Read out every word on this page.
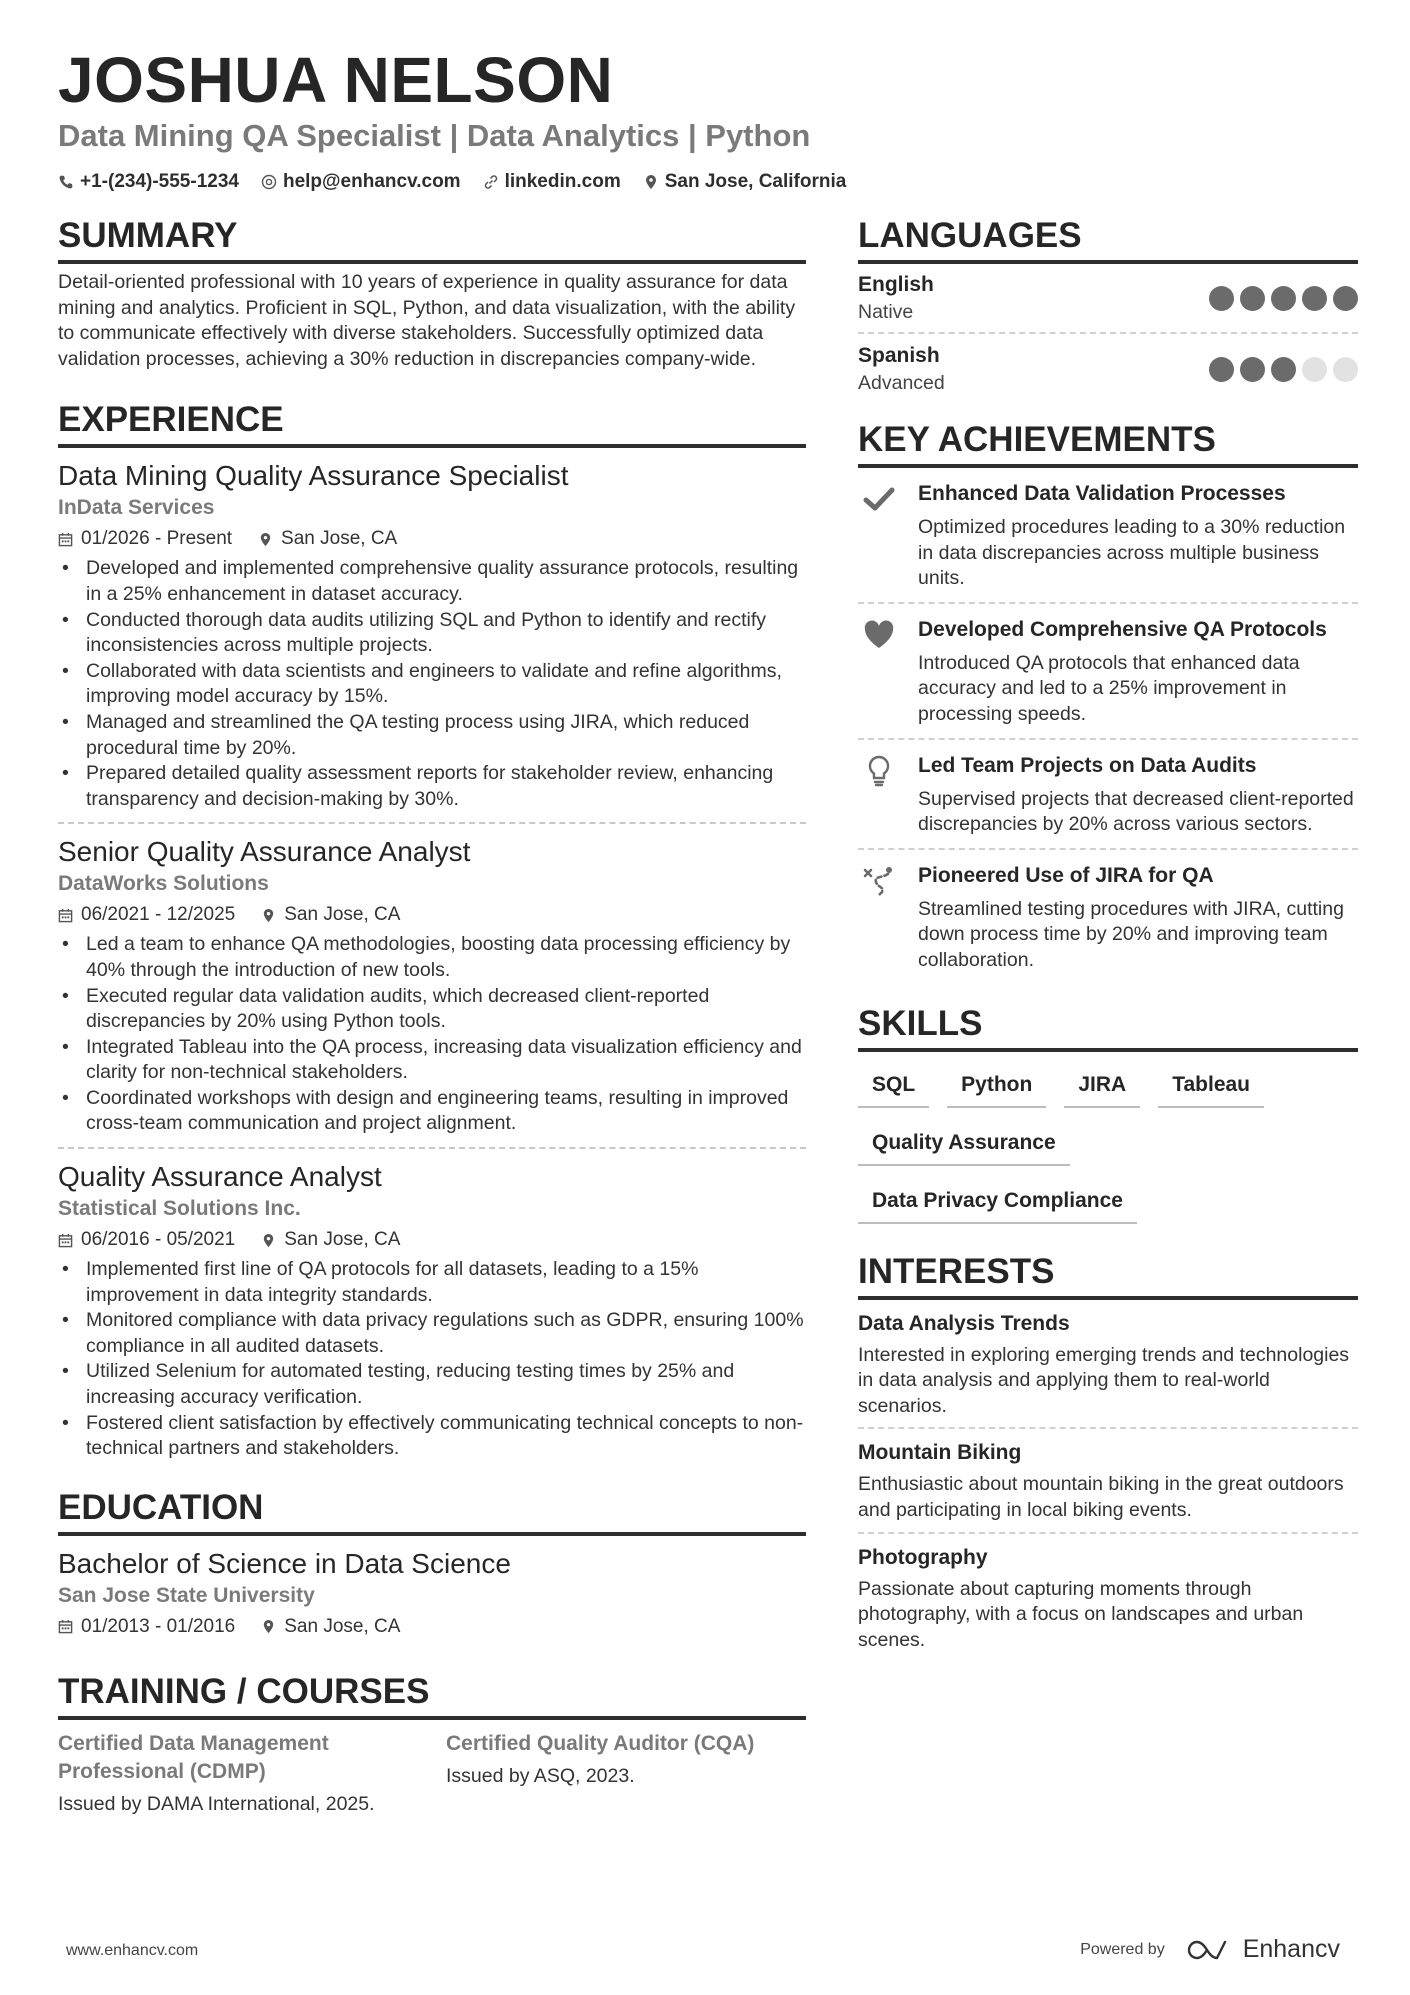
JOSHUA NELSON
Data Mining QA Specialist | Data Analytics | Python
+1-(234)-555-1234 help@enhancv.com linkedin.com San Jose, California
SUMMARY

Detail-oriented professional with 10 years of experience in quality assurance for data mining and analytics. Proficient in SQL, Python, and data visualization, with the ability to communicate effectively with diverse stakeholders. Successfully optimized data validation processes, achieving a 30% reduction in discrepancies company-wide.

EXPERIENCE
Data Mining Quality Assurance Specialist
InData Services
01/2026 - Present	San Jose, CA
• Developed and implemented comprehensive quality assurance protocols, resulting in a 25% enhancement in dataset accuracy.
• Conducted thorough data audits utilizing SQL and Python to identify and rectify inconsistencies across multiple projects.
• Collaborated with data scientists and engineers to validate and refine algorithms, improving model accuracy by 15%.
• Managed and streamlined the QA testing process using JIRA, which reduced procedural time by 20%.
• Prepared detailed quality assessment reports for stakeholder review, enhancing transparency and decision-making by 30%.
Senior Quality Assurance Analyst
DataWorks Solutions
06/2021 - 12/2025	San Jose, CA
• Led a team to enhance QA methodologies, boosting data processing efficiency by 40% through the introduction of new tools.
• Executed regular data validation audits, which decreased client-reported discrepancies by 20% using Python tools.
• Integrated Tableau into the QA process, increasing data visualization efficiency and clarity for non-technical stakeholders.
• Coordinated workshops with design and engineering teams, resulting in improved cross-team communication and project alignment.
Quality Assurance Analyst
Statistical Solutions Inc.
06/2016 - 05/2021	San Jose, CA
• Implemented first line of QA protocols for all datasets, leading to a 15% improvement in data integrity standards.
• Monitored compliance with data privacy regulations such as GDPR, ensuring 100% compliance in all audited datasets.
• Utilized Selenium for automated testing, reducing testing times by 25% and increasing accuracy verification.
• Fostered client satisfaction by effectively communicating technical concepts to non-technical partners and stakeholders.
EDUCATION
Bachelor of Science in Data Science
San Jose State University
01/2013 - 01/2016	San Jose, CA
TRAINING / COURSES
Certified Data Management Professional (CDMP)
Issued by DAMA International, 2025.
Certified Quality Auditor (CQA)
Issued by ASQ, 2023.
LANGUAGES
English
Native
Spanish
Advanced
KEY ACHIEVEMENTS
Enhanced Data Validation Processes
Optimized procedures leading to a 30% reduction in data discrepancies across multiple business units.
Developed Comprehensive QA Protocols
Introduced QA protocols that enhanced data accuracy and led to a 25% improvement in processing speeds.
Led Team Projects on Data Audits
Supervised projects that decreased client-reported discrepancies by 20% across various sectors.
Pioneered Use of JIRA for QA
Streamlined testing procedures with JIRA, cutting down process time by 20% and improving team collaboration.
SKILLS
SQL	Python	JIRA	Tableau
Quality Assurance
Data Privacy Compliance
INTERESTS
Data Analysis Trends
Interested in exploring emerging trends and technologies in data analysis and applying them to real-world scenarios.
Mountain Biking
Enthusiastic about mountain biking in the great outdoors and participating in local biking events.
Photography
Passionate about capturing moments through photography, with a focus on landscapes and urban scenes.
www.enhancv.com	Powered by	Enhancv
